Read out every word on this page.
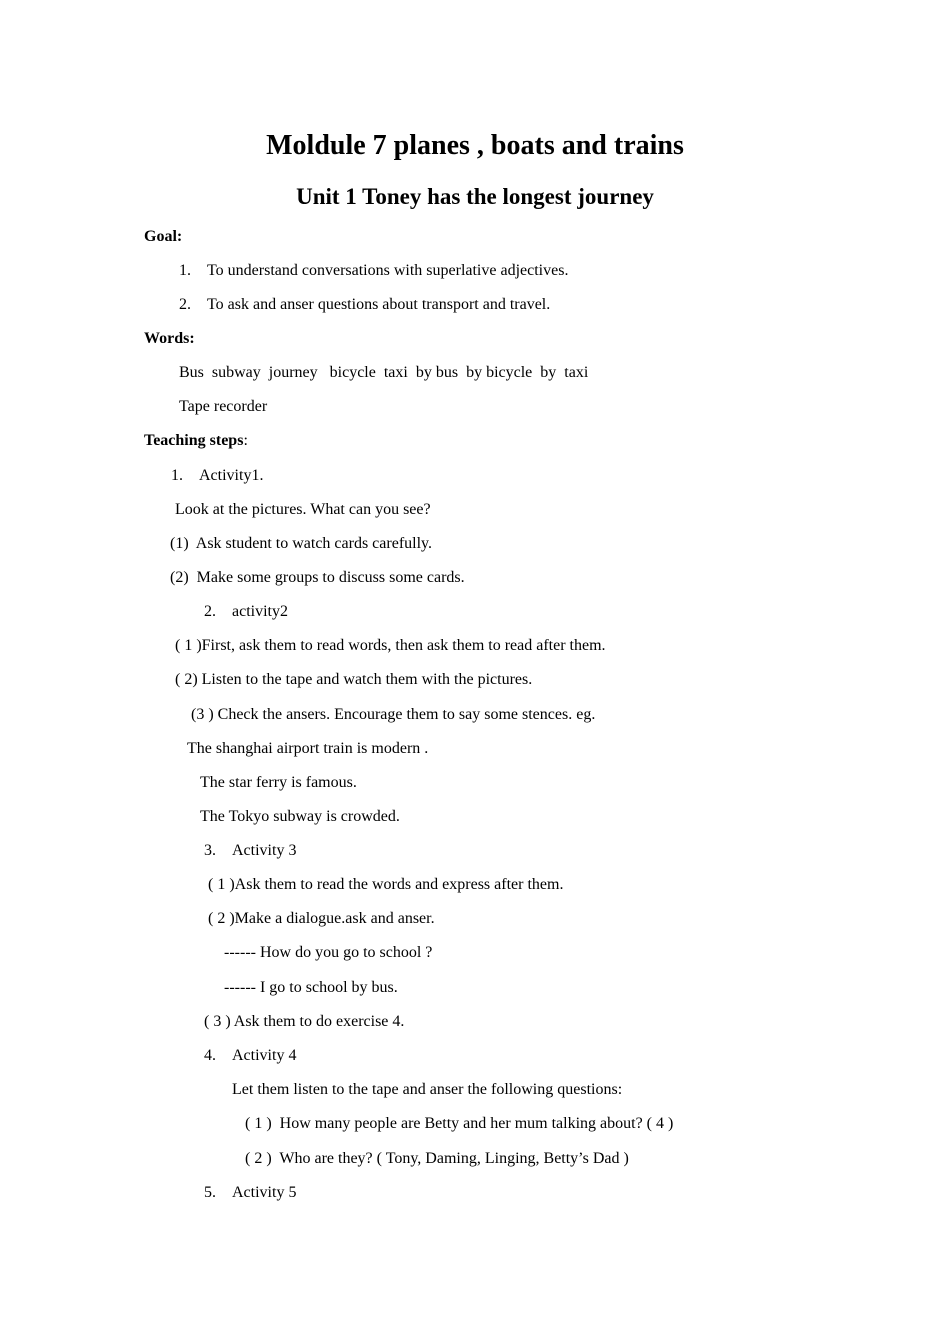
Moldule 7 planes , boats and trains
Unit 1 Toney has the longest journey
Goal:
1. To understand conversations with superlative adjectives.
2. To ask and anser questions about transport and travel.
Words:
Bus  subway  journey   bicycle  taxi  by bus  by bicycle  by  taxi
Tape recorder
Teaching steps:
1. Activity1.
Look at the pictures. What can you see?
(1)  Ask student to watch cards carefully.
(2)  Make some groups to discuss some cards.
2. activity2
( 1 )First, ask them to read words, then ask them to read after them.
( 2) Listen to the tape and watch them with the pictures.
(3 ) Check the ansers. Encourage them to say some stences. eg.
The shanghai airport train is modern .
The star ferry is famous.
The Tokyo subway is crowded.
3. Activity 3
( 1 )Ask them to read the words and express after them.
( 2 )Make a dialogue.ask and anser.
------ How do you go to school ?
------ I go to school by bus.
( 3 ) Ask them to do exercise 4.
4. Activity 4
Let them listen to the tape and anser the following questions:
( 1 )  How many people are Betty and her mum talking about? ( 4 )
( 2 )  Who are they? ( Tony, Daming, Linging, Betty’s Dad )
5. Activity 5
